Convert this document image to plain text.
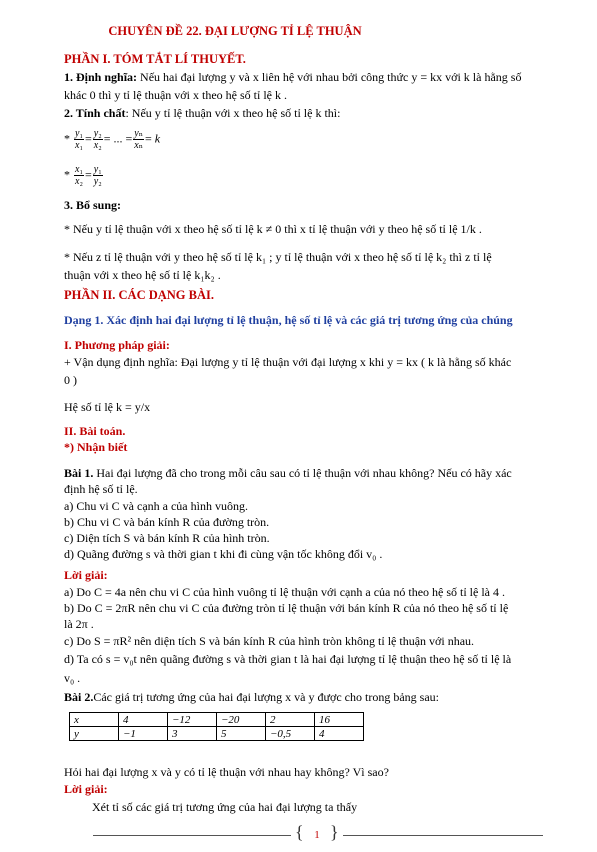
CHUYÊN ĐỀ 22. ĐẠI LƯỢNG TỈ LỆ THUẬN
PHẦN I. TÓM TẮT LÍ THUYẾT.
1. Định nghĩa: Nếu hai đại lượng y và x liên hệ với nhau bởi công thức y = kx với k là hằng số
khác 0 thì y tỉ lệ thuận với x theo hệ số tỉ lệ k .
2. Tính chất: Nếu y tỉ lệ thuận với x theo hệ số tỉ lệ k thì:
* $\frac{\text{y₁}}{\text{x₁}} = \frac{\text{y₂}}{\text{x₂}}$ = ... = $\frac{\text{yₙ}}{\text{xₙ}} = k$
* $\frac{\text{x₁}}{\text{x₂}} = \frac{\text{y₁}}{\text{y₂}}$
3. Bổ sung:
* Nếu y tỉ lệ thuận với x theo hệ số tỉ lệ k ≠ 0 thì x tỉ lệ thuận với y theo hệ số tỉ lệ 1/k .
* Nếu z tỉ lệ thuận với y theo hệ số tỉ lệ k₁ ; y tỉ lệ thuận với x theo hệ số tỉ lệ k₂ thì z tỉ lệ
thuận với x theo hệ số tỉ lệ k₁k₂ .
PHẦN II. CÁC DẠNG BÀI.
Dạng 1. Xác định hai đại lượng tỉ lệ thuận, hệ số tỉ lệ và các giá trị tương ứng của chúng
I. Phương pháp giải:
+ Vận dụng định nghĩa: Đại lượng y tỉ lệ thuận với đại lượng x khi y = kx ( k là hằng số khác
0 )
Hệ số tỉ lệ k = y/x
II. Bài toán.
*) Nhận biết
Bài 1. Hai đại lượng đã cho trong mỗi câu sau có tỉ lệ thuận với nhau không? Nếu có hãy xác
định hệ số tỉ lệ.
a) Chu vi C và cạnh a của hình vuông.
b) Chu vi C và bán kính R của đường tròn.
c) Diện tích S và bán kính R của hình tròn.
d) Quãng đường s và thời gian t khi đi cùng vận tốc không đổi v₀ .
Lời giải:
a) Do C = 4a nên chu vi C của hình vuông tỉ lệ thuận với cạnh a của nó theo hệ số tỉ lệ là 4 .
b) Do C = 2πR nên chu vi C của đường tròn tỉ lệ thuận với bán kính R của nó theo hệ số tỉ lệ
là 2π .
c) Do S = πR² nên diện tích S và bán kính R của hình tròn không tỉ lệ thuận với nhau.
d) Ta có s = v₀t nên quãng đường s và thời gian t là hai đại lượng tỉ lệ thuận theo hệ số tỉ lệ là
v₀ .
Bài 2.Các giá trị tương ứng của hai đại lượng x và y được cho trong bảng sau:
x	4	−12	−20	2	16
y	−1	3	5	−0,5	4
Hỏi hai đại lượng x và y có tỉ lệ thuận với nhau hay không? Vì sao?
Lời giải:
Xét tỉ số các giá trị tương ứng của hai đại lượng ta thấy
{ 1 }
